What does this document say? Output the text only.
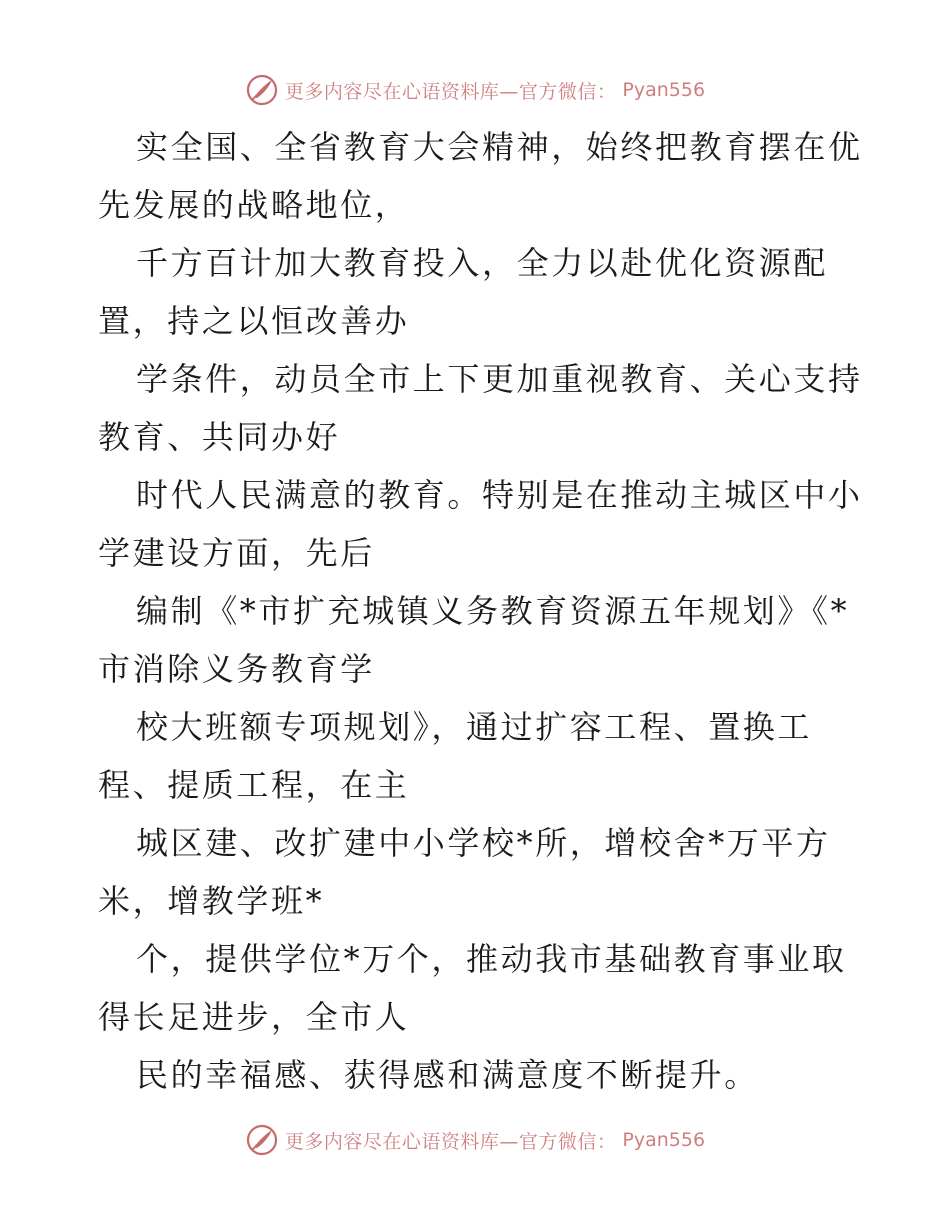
更多内容尽在心语资料库—官方微信： Pyan556

实全国、全省教育大会精神，始终把教育摆在优

先发展的战略地位，

千方百计加大教育投入，全力以赴优化资源配

置，持之以恒改善办

学条件，动员全市上下更加重视教育、关心支持

教育、共同办好

时代人民满意的教育。特别是在推动主城区中小

学建设方面，先后

编制《*市扩充城镇义务教育资源五年规划》《*

市消除义务教育学

校大班额专项规划》，通过扩容工程、置换工

程、提质工程，在主

城区建、改扩建中小学校*所，增校舍*万平方

米，增教学班*

个，提供学位*万个，推动我市基础教育事业取

得长足进步，全市人

民的幸福感、获得感和满意度不断提升。

更多内容尽在心语资料库—官方微信： Pyan556
